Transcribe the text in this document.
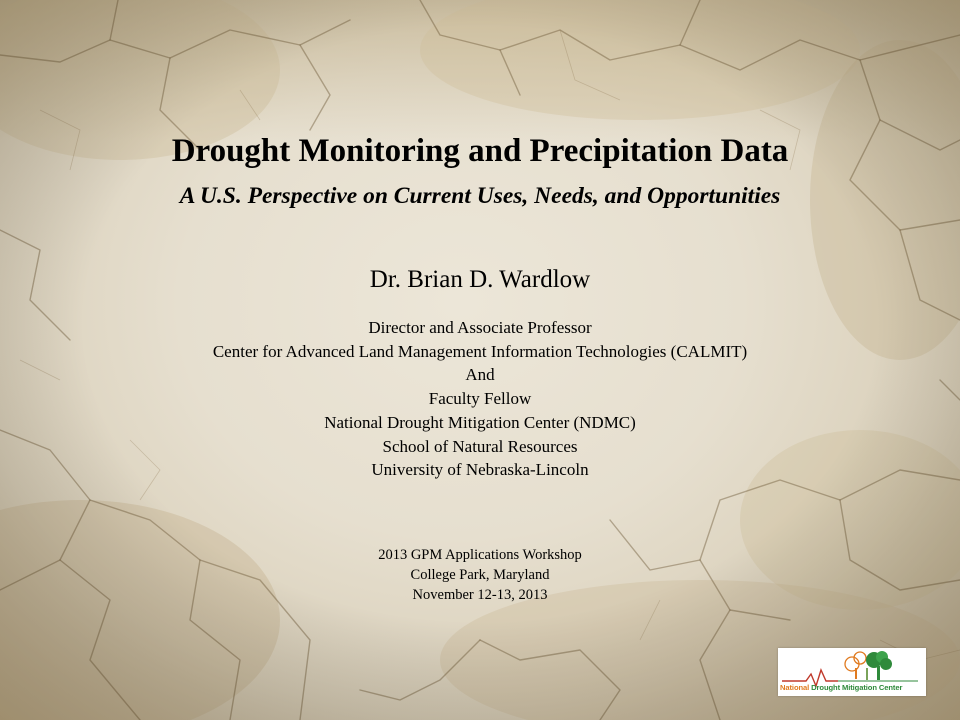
Drought Monitoring and Precipitation Data
A U.S. Perspective on Current Uses, Needs, and Opportunities
Dr. Brian D. Wardlow
Director and Associate Professor
Center for Advanced Land Management Information Technologies (CALMIT)
And
Faculty Fellow
National Drought Mitigation Center (NDMC)
School of Natural Resources
University of Nebraska-Lincoln
2013 GPM Applications Workshop
College Park, Maryland
November 12-13, 2013
National Drought Mitigation Center
